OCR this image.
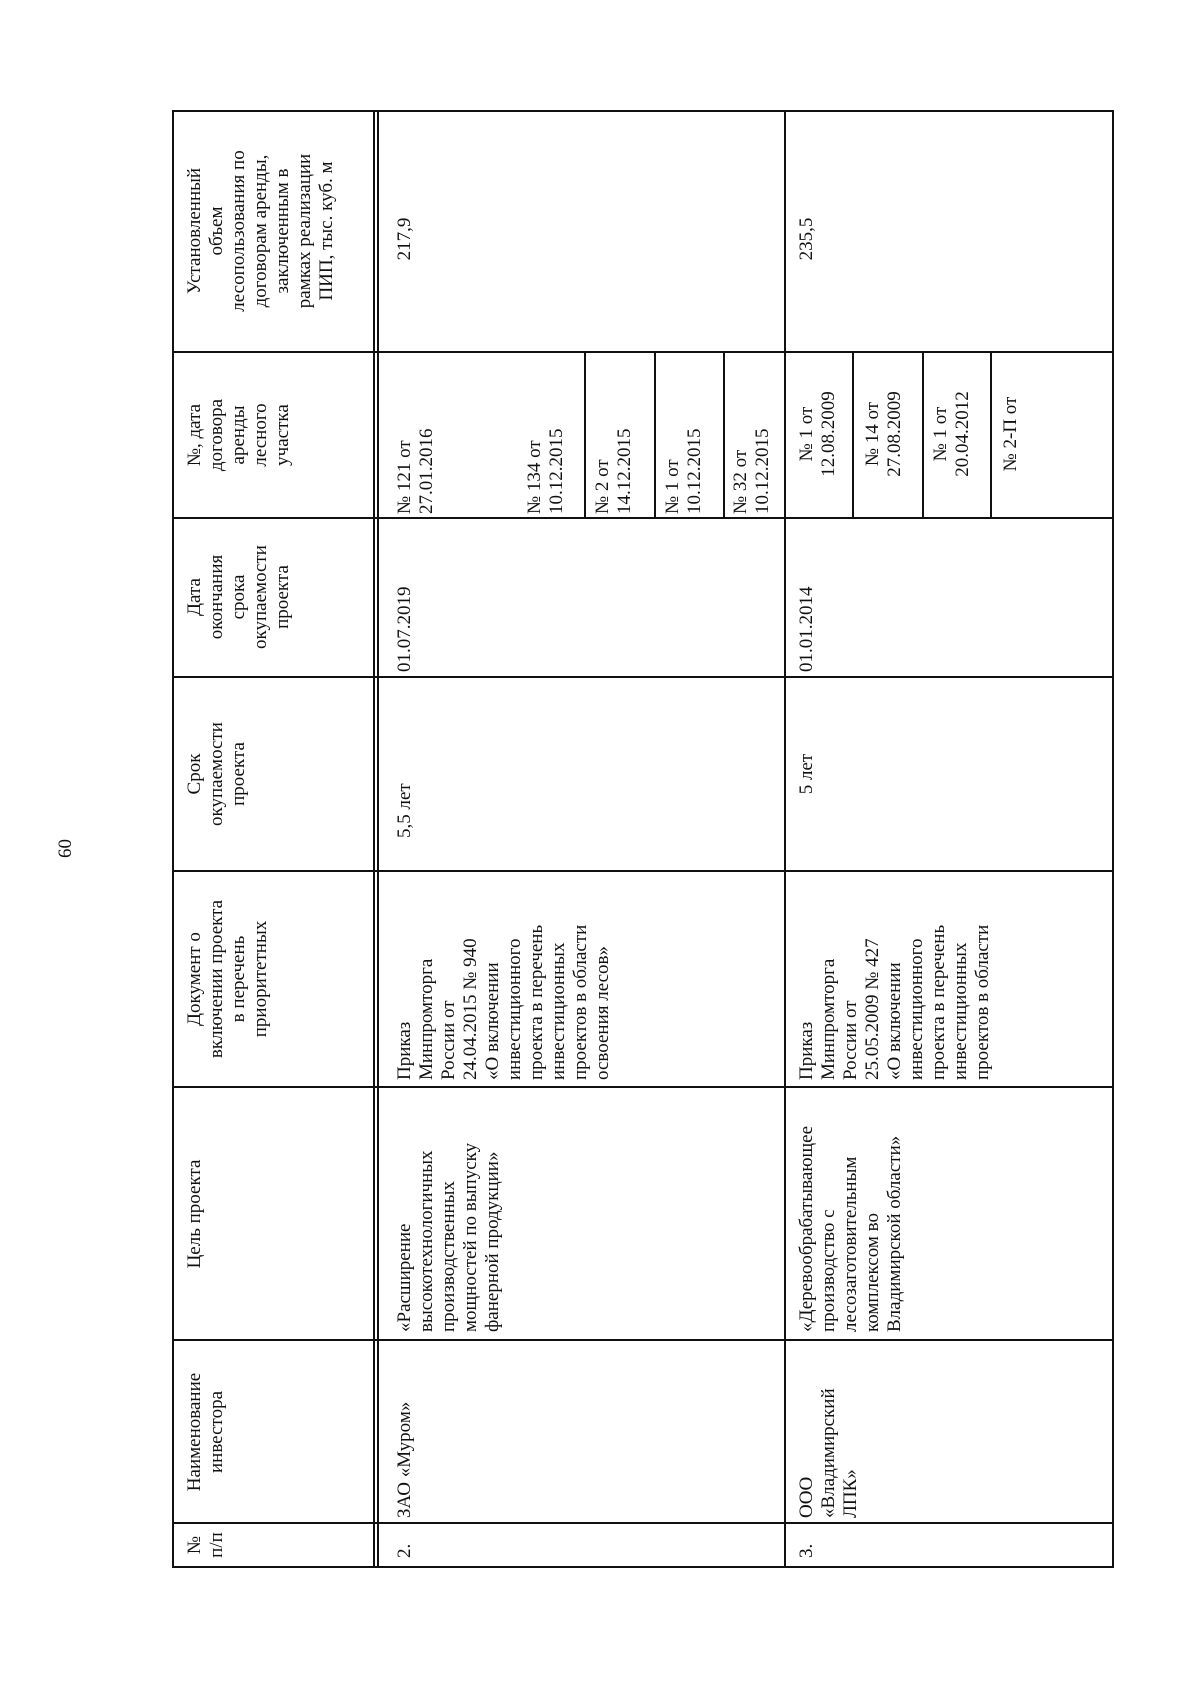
60
№
п/п
Наименование
инвестора
Цель проекта
Документ о
включении проекта
в перечень
приоритетных
Срок
окупаемости
проекта
Дата
окончания
срока
окупаемости
проекта
№, дата
договора
аренды
лесного
участка
Установленный
объем
лесопользования по
договорам аренды,
заключенным в
рамках реализации
ПИП, тыс. куб. м
2.
ЗАО «Муром»
«Расширение
высокотехнологичных
производственных
мощностей по выпуску
фанерной продукции»
Приказ
Минпромторга
России от
24.04.2015 № 940
«О включении
инвестиционного
проекта в перечень
инвестиционных
проектов в области
освоения лесов»
5,5 лет
01.07.2019
№ 121 от
27.01.2016	№ 134 от
10.12.2015 № 2 от
14.12.2015 № 1 от
10.12.2015 № 32 от
10.12.2015
217,9
3.
ООО
«Владимирский
ЛПК»
«Деревообрабатывающее
производство с
лесозаготовительным
комплексом во
Владимирской области»
Приказ
Минпромторга
России от
25.05.2009 № 427
«О включении
инвестиционного
проекта в перечень
инвестиционных
проектов в области
5 лет
01.01.2014
№ 1 от
12.08.2009 № 14 от
27.08.2009 № 1 от
20.04.2012 № 2-П от
235,5
